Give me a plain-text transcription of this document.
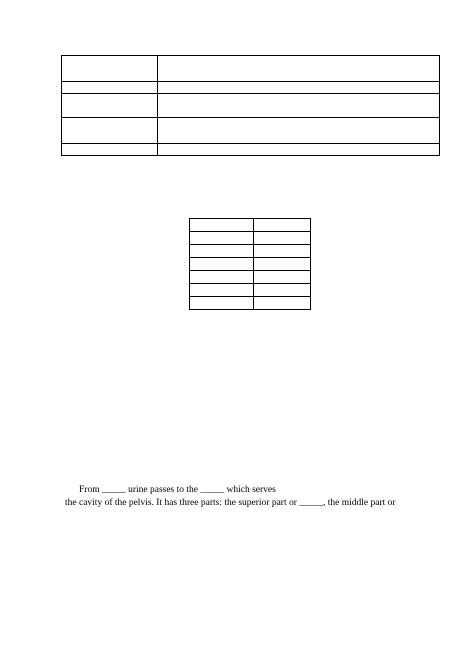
From _____ urine passes to the _____ which serves
the cavity of the pelvis. It has three parts: the superior part or _____, the middle part or
